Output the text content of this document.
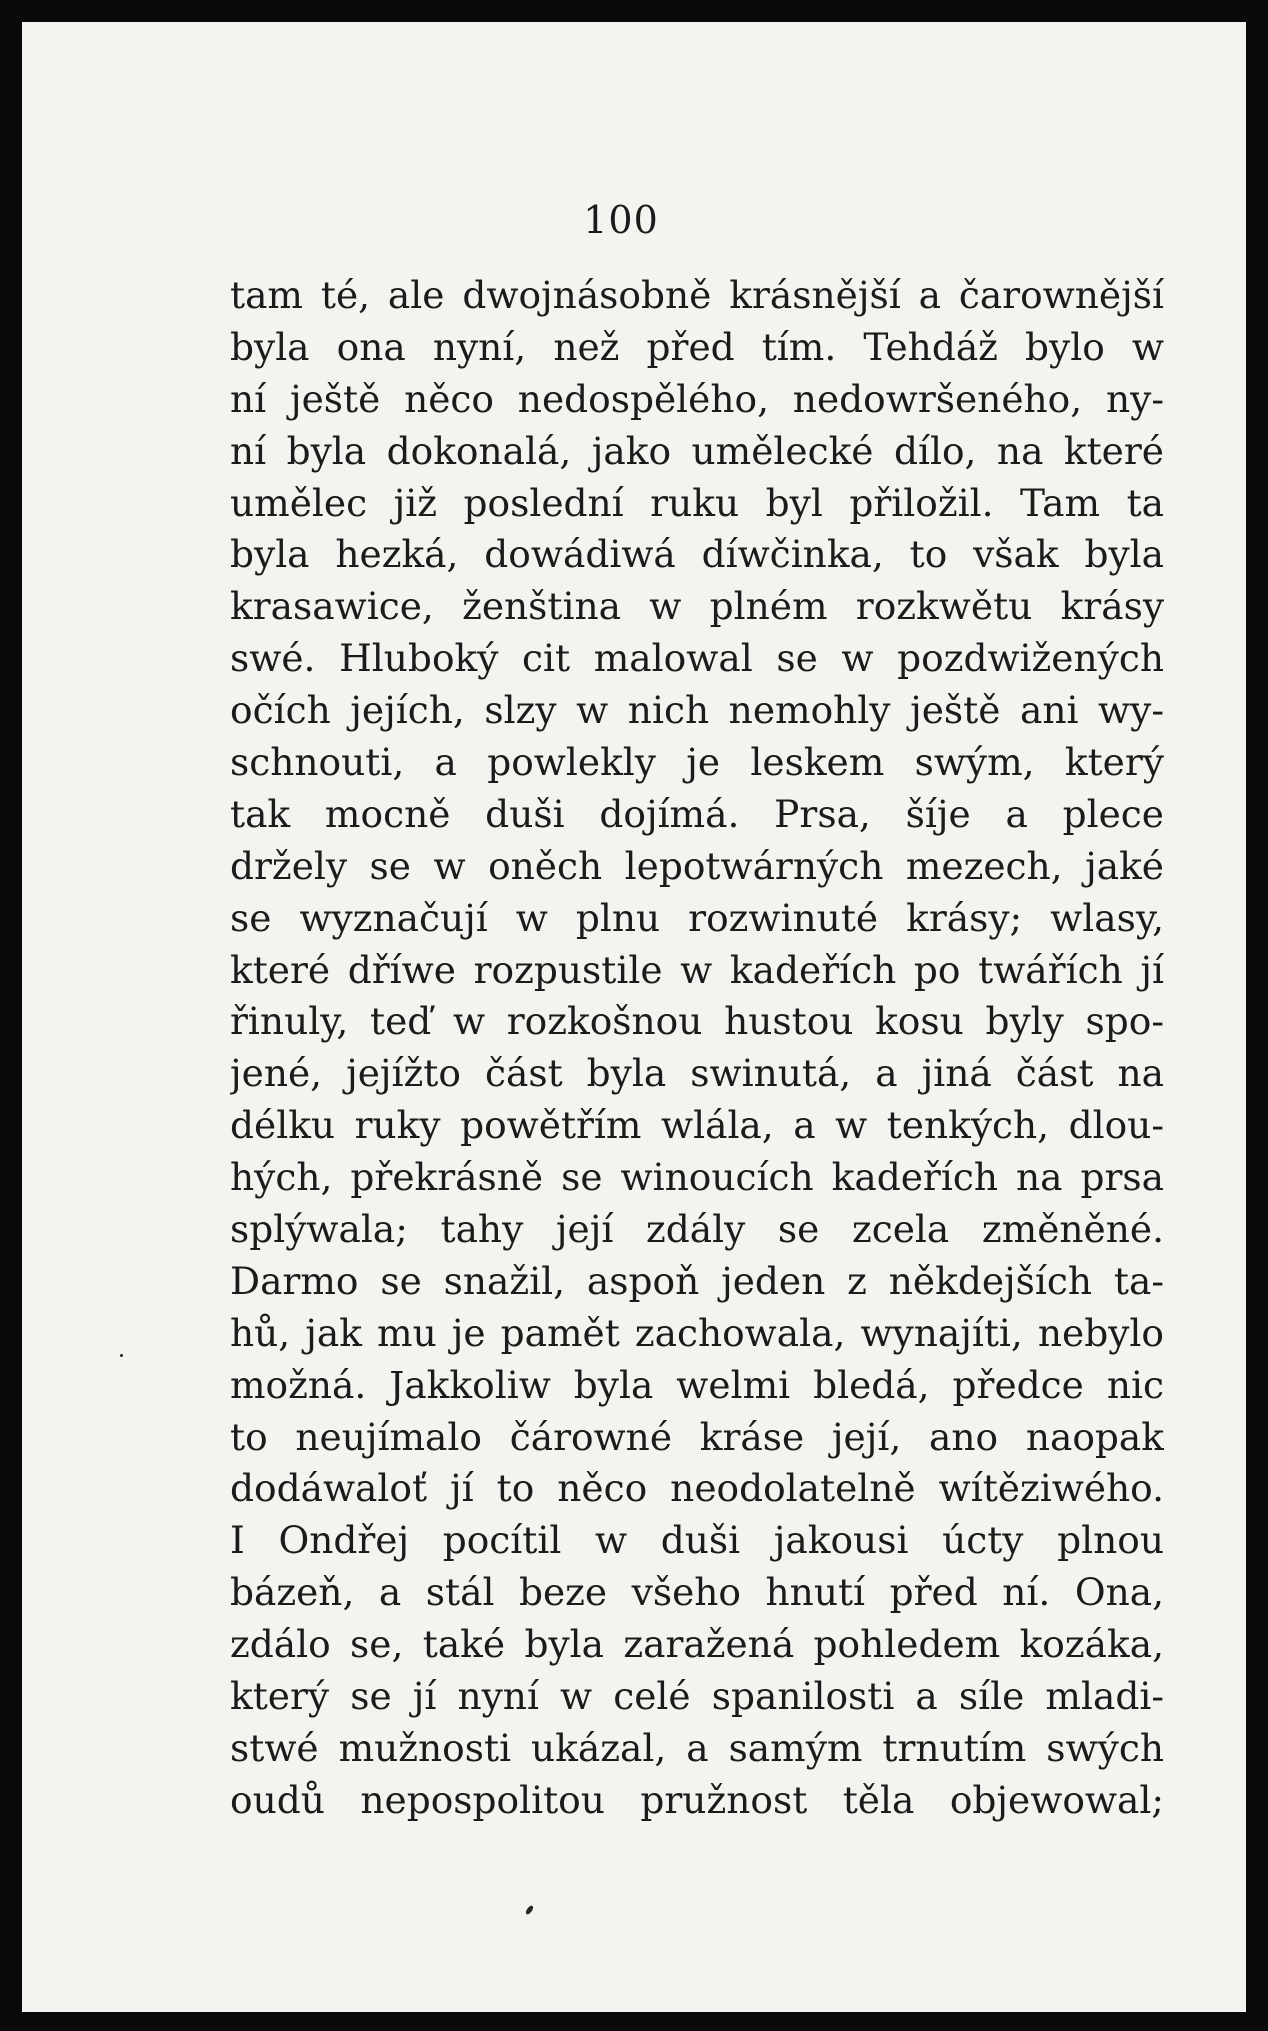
100
tam té, ale dwojnásobně krásnější a čarownější
byla ona nyní, než před tím. Tehdáž bylo w
ní ještě něco nedospělého, nedowršeného, ny-
ní byla dokonalá, jako umělecké dílo, na které
umělec již poslední ruku byl přiložil. Tam ta
byla hezká, dowádiwá díwčinka, to však byla
krasawice, ženština w plném rozkwětu krásy
swé. Hluboký cit malowal se w pozdwižených
očích jejích, slzy w nich nemohly ještě ani wy-
schnouti, a powlekly je leskem swým, který
tak mocně duši dojímá. Prsa, šíje a plece
držely se w oněch lepotwárných mezech, jaké
se wyznačují w plnu rozwinuté krásy; wlasy,
které dříwe rozpustile w kadeřích po twářích jí
řinuly, teď w rozkošnou hustou kosu byly spo-
jené, jejížto část byla swinutá, a jiná část na
délku ruky powětřím wlála, a w tenkých, dlou-
hých, překrásně se winoucích kadeřích na prsa
splýwala; tahy její zdály se zcela změněné.
Darmo se snažil, aspoň jeden z někdejších ta-
hů, jak mu je pamět zachowala, wynajíti, nebylo
možná. Jakkoliw byla welmi bledá, předce nic
to neujímalo čárowné kráse její, ano naopak
dodáwaloť jí to něco neodolatelně wítěziwého.
I Ondřej pocítil w duši jakousi úcty plnou
bázeň, a stál beze všeho hnutí před ní. Ona,
zdálo se, také byla zaražená pohledem kozáka,
který se jí nyní w celé spanilosti a síle mladi-
stwé mužnosti ukázal, a samým trnutím swých
oudů nepospolitou pružnost těla objewowal;
